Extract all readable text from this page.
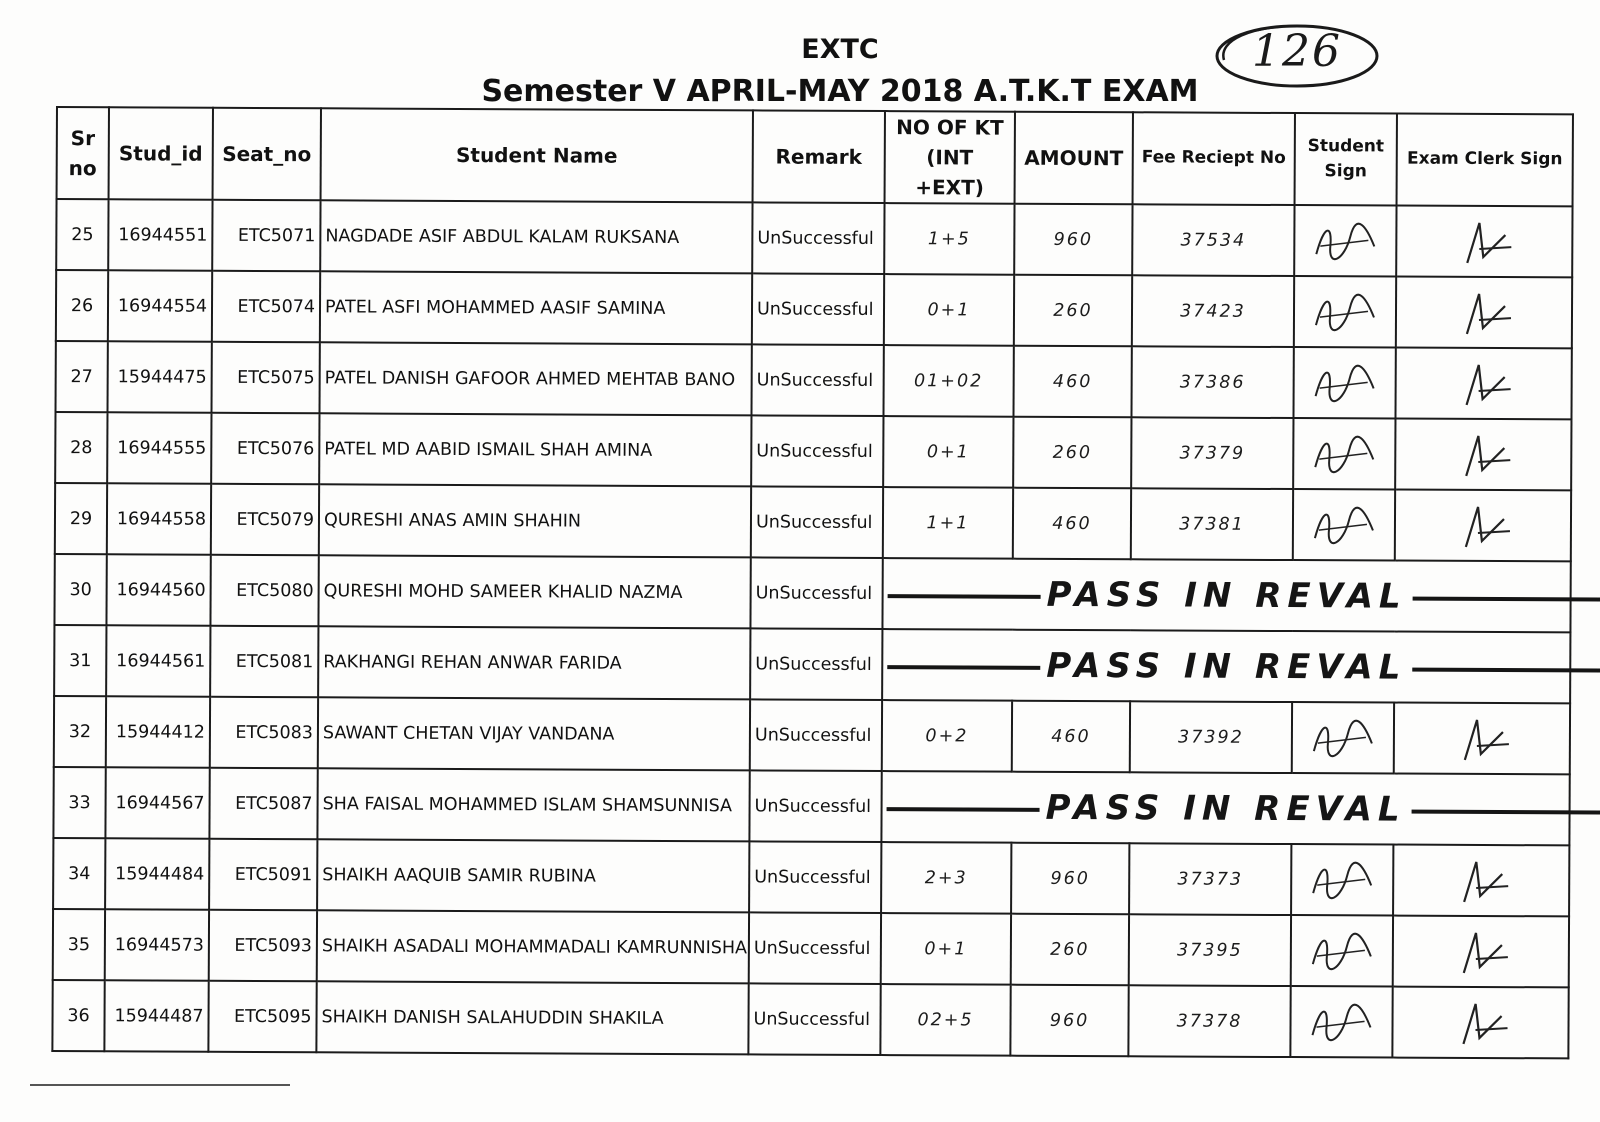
EXTC
Semester V APRIL-MAY 2018 A.T.K.T EXAM
126
Sr no	Stud_id	Seat_no	Student Name	Remark	NO OF KT (INT +EXT)	AMOUNT	Fee Reciept No	Student Sign	Exam Clerk Sign
25	16944551	ETC5071	NAGDADE ASIF ABDUL KALAM RUKSANA	UnSuccessful	1+5	960	37534		
26	16944554	ETC5074	PATEL ASFI MOHAMMED AASIF SAMINA	UnSuccessful	0+1	260	37423		
27	15944475	ETC5075	PATEL DANISH GAFOOR AHMED MEHTAB BANO	UnSuccessful	01+02	460	37386		
28	16944555	ETC5076	PATEL MD AABID ISMAIL SHAH AMINA	UnSuccessful	0+1	260	37379		
29	16944558	ETC5079	QURESHI ANAS AMIN SHAHIN	UnSuccessful	1+1	460	37381		
30	16944560	ETC5080	QURESHI MOHD SAMEER KHALID NAZMA	UnSuccessful	PASS IN REVAL				

31	16944561	ETC5081	RAKHANGI REHAN ANWAR FARIDA	UnSuccessful	PASS IN REVAL				

32	15944412	ETC5083	SAWANT CHETAN VIJAY VANDANA	UnSuccessful	0+2	460	37392		
33	16944567	ETC5087	SHA FAISAL MOHAMMED ISLAM SHAMSUNNISA	UnSuccessful	PASS IN REVAL				

34	15944484	ETC5091	SHAIKH AAQUIB SAMIR RUBINA	UnSuccessful	2+3	960	37373		
35	16944573	ETC5093	SHAIKH ASADALI MOHAMMADALI KAMRUNNISHA	UnSuccessful	0+1	260	37395		
36	15944487	ETC5095	SHAIKH DANISH SALAHUDDIN SHAKILA	UnSuccessful	02+5	960	37378		
